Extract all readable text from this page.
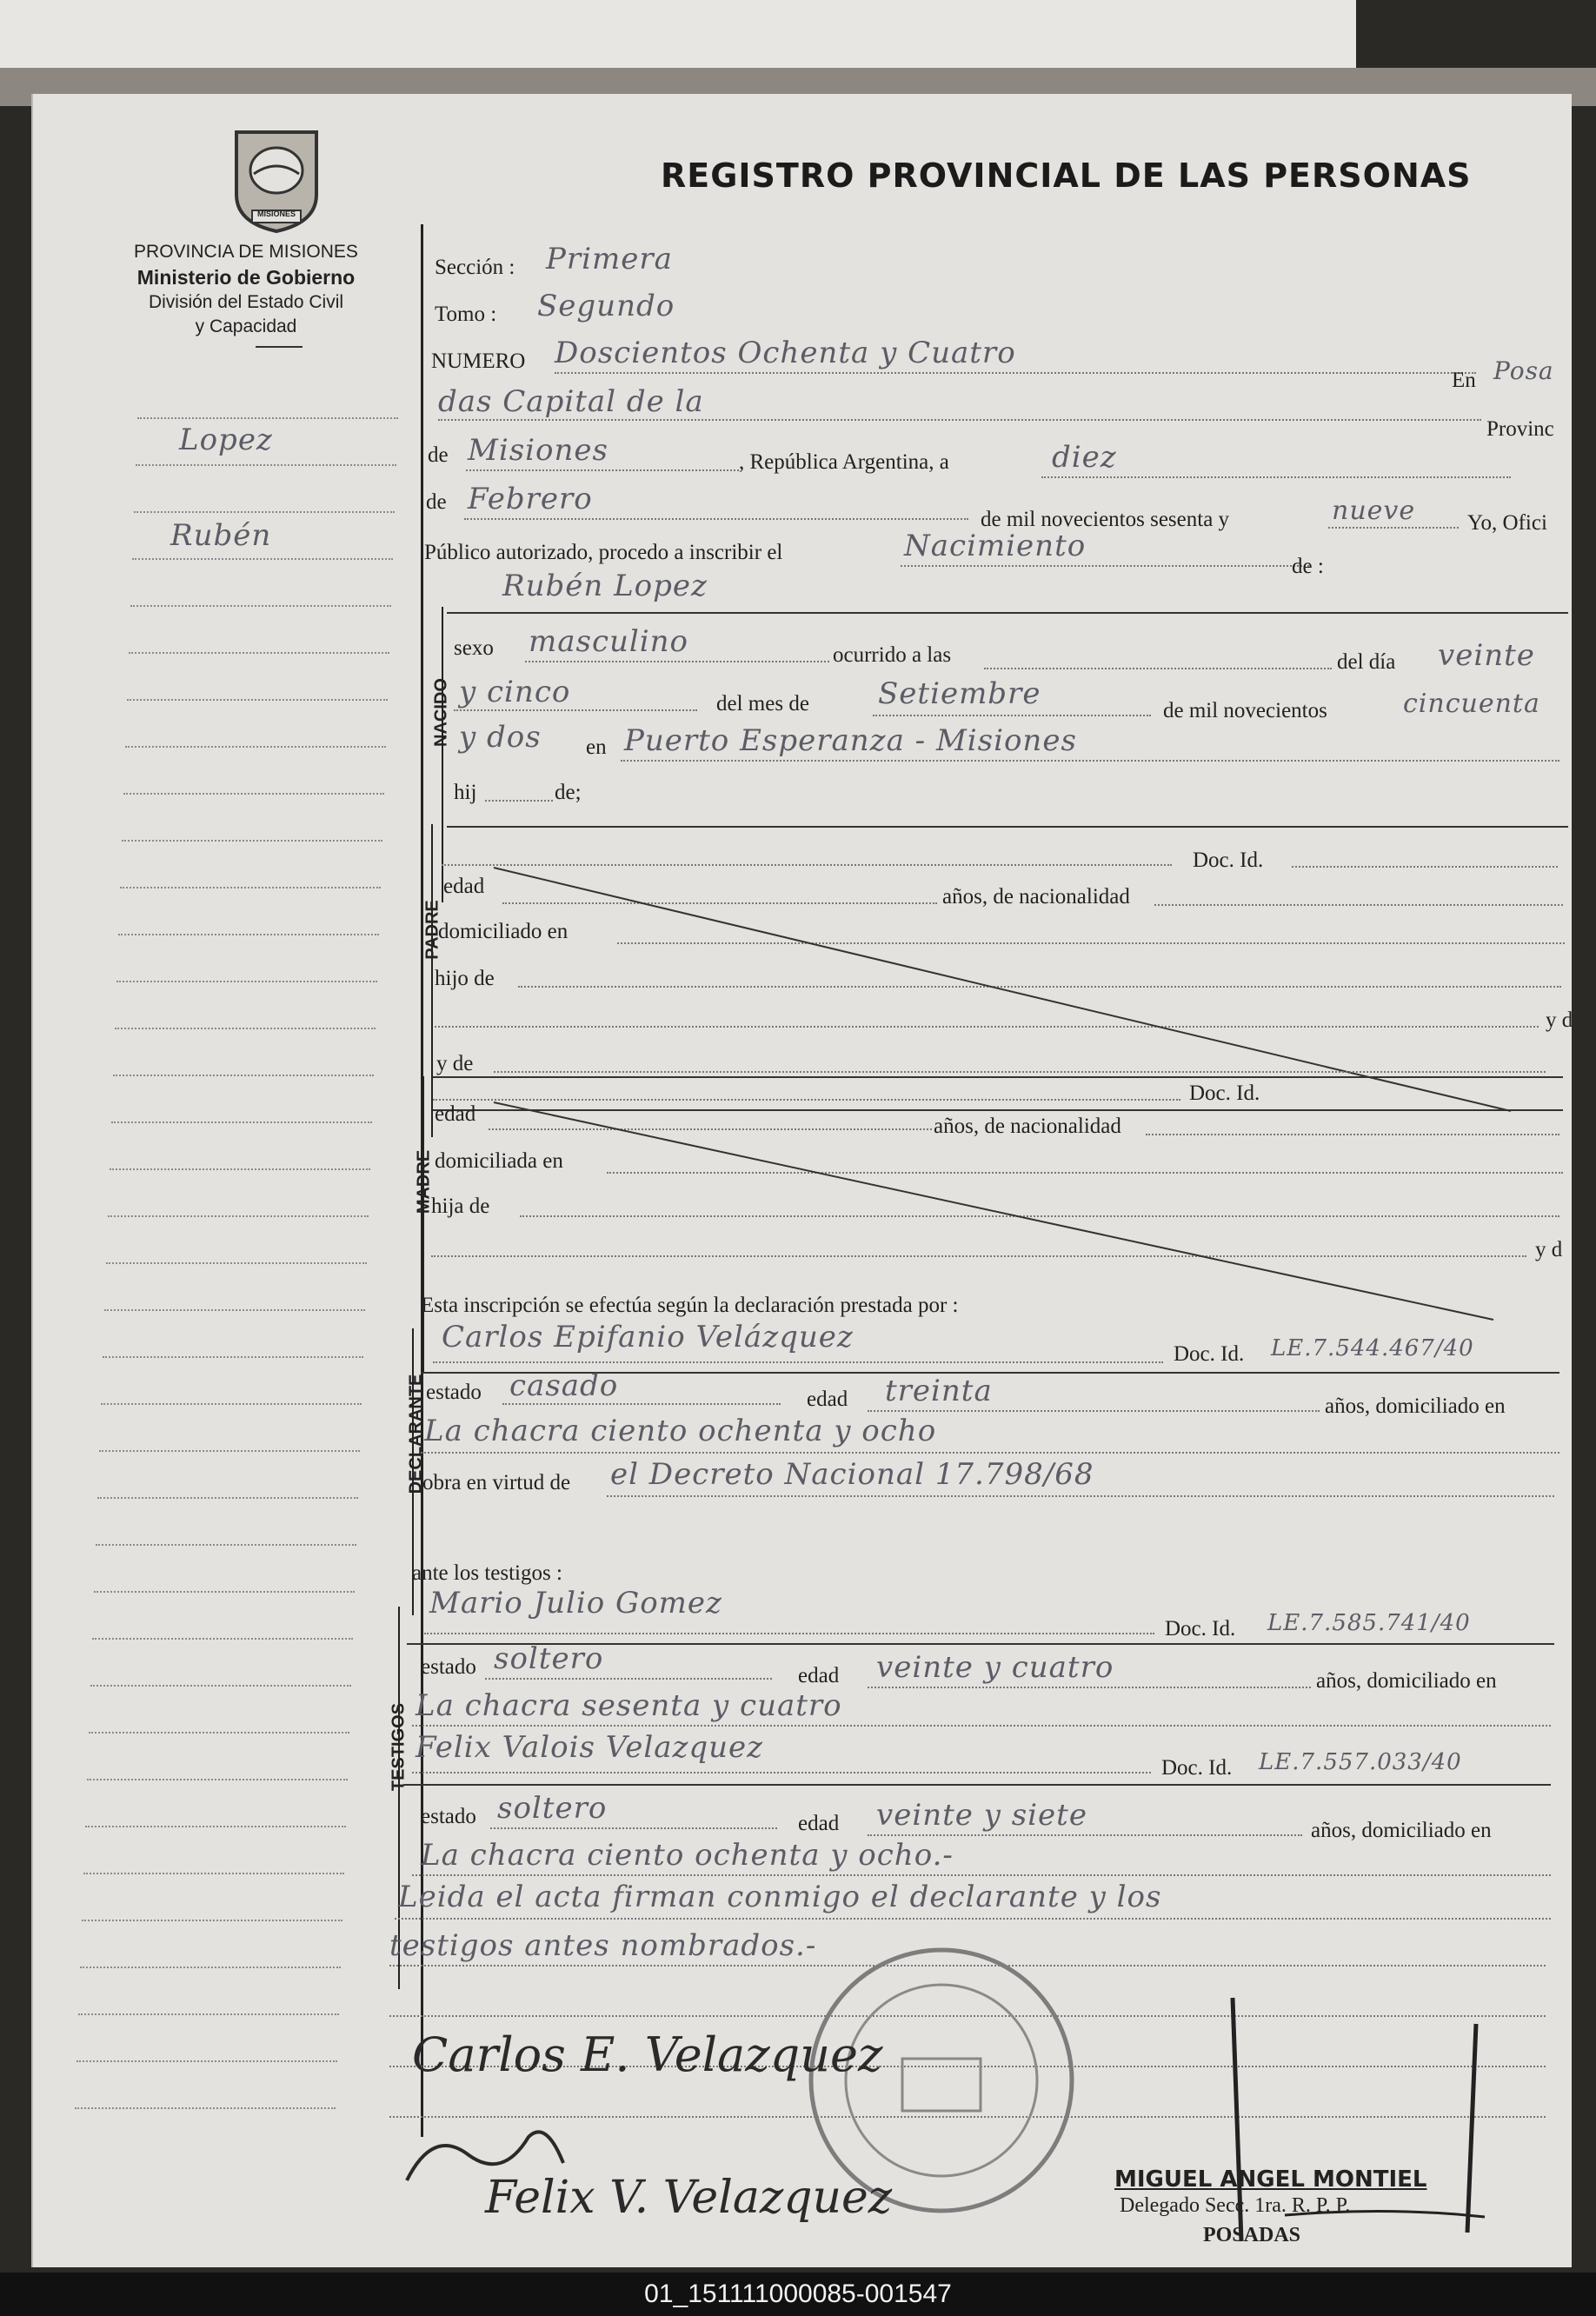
MISIONES
PROVINCIA DE MISIONES
Ministerio de Gobierno
División del Estado Civil
y Capacidad
REGISTRO PROVINCIAL DE LAS PERSONAS
Lopez
Rubén
Sección : Primera
Tomo : Segundo
NUMERO Doscientos Ochenta y Cuatro
En Posa
das Capital de la
Provinc
de Misiones	, República Argentina, a	diez
de Febrero
de mil novecientos sesenta y	nueve Yo, Ofici
Público autorizado, procedo a inscribir el	Nacimiento
de :
NACIDO
Rubén Lopez
sexo masculino	ocurrido a las	del día veinte
y cinco	del mes de Setiembre	de mil novecientos	cincuenta
y dos en Puerto Esperanza - Misiones
hij	de;
PADRE
Doc. Id.
edad	años, de nacionalidad
domiciliado en
hijo de
y d
y de
MADRE
Doc. Id.
edad
años, de nacionalidad
domiciliada en
hija de
y d
Esta inscripción se efectúa según la declaración prestada por :
DECLARANTE
Carlos Epifanio Velázquez	Doc. Id. LE.7.544.467/40
estado casado	edad treinta	años, domiciliado en
La chacra ciento ochenta y ocho
obra en virtud de el Decreto Nacional 17.798/68
ante los testigos :
TESTIGOS
Mario Julio Gomez
Doc. Id. LE.7.585.741/40
estado soltero	edad veinte y cuatro	años, domiciliado en
La chacra sesenta y cuatro
Felix Valois Velazquez
Doc. Id. LE.7.557.033/40
estado soltero	edad veinte y siete	años, domiciliado en
La chacra ciento ochenta y ocho.-
Leida el acta firman conmigo el declarante y los
testigos antes nombrados.-
Carlos E. Velazquez
Felix V. Velazquez	MIGUEL ANGEL MONTIEL
Delegado Secc. 1ra. R. P. P.
POSADAS
01_151111000085-001547
